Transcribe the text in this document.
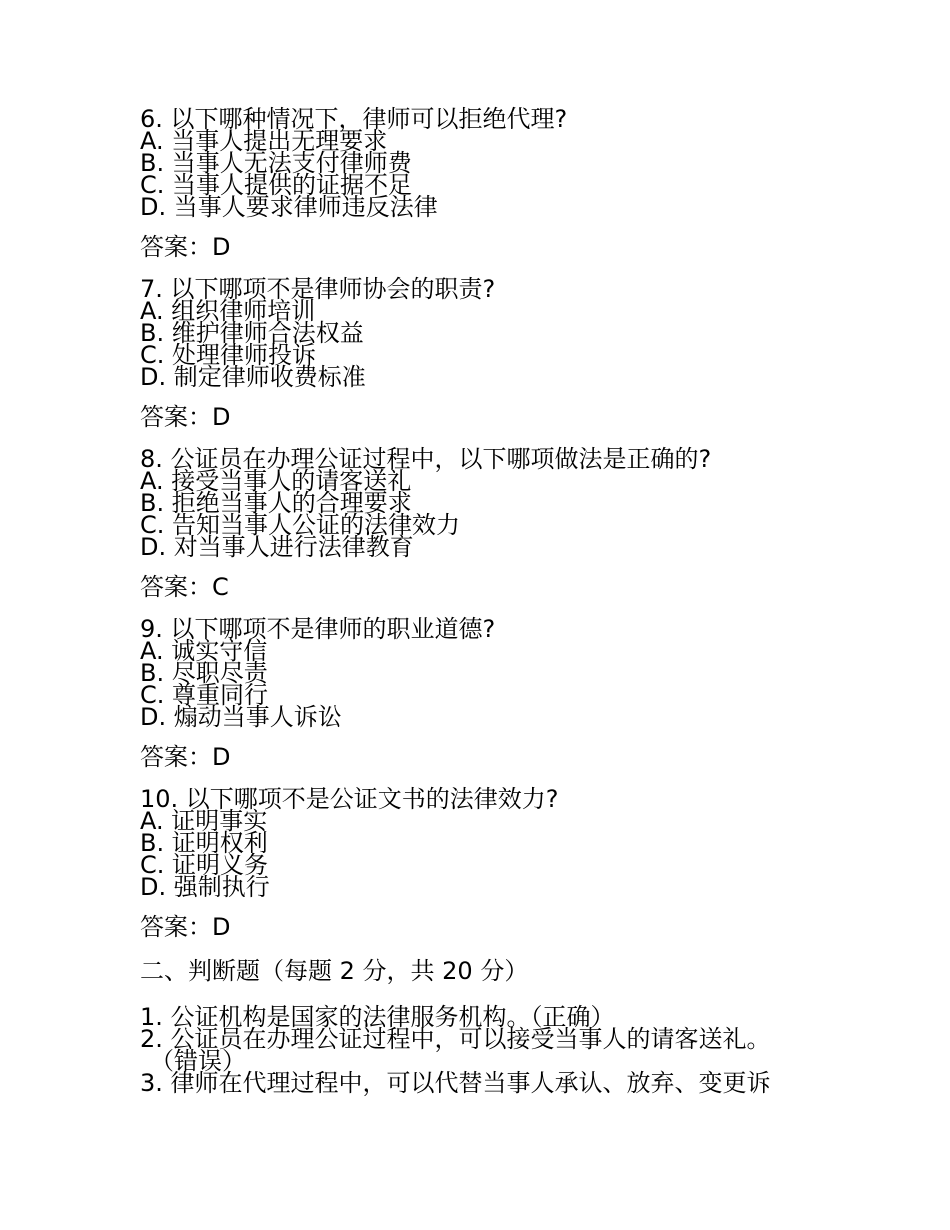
6. 以下哪种情况下，律师可以拒绝代理?
A. 当事人提出无理要求
B. 当事人无法支付律师费
C. 当事人提供的证据不足
D. 当事人要求律师违反法律
答案：D
7. 以下哪项不是律师协会的职责?
A. 组织律师培训
B. 维护律师合法权益
C. 处理律师投诉
D. 制定律师收费标准
答案：D
8. 公证员在办理公证过程中，以下哪项做法是正确的?
A. 接受当事人的请客送礼
B. 拒绝当事人的合理要求
C. 告知当事人公证的法律效力
D. 对当事人进行法律教育
答案：C
9. 以下哪项不是律师的职业道德?
A. 诚实守信
B. 尽职尽责
C. 尊重同行
D. 煽动当事人诉讼
答案：D
10. 以下哪项不是公证文书的法律效力?
A. 证明事实
B. 证明权利
C. 证明义务
D. 强制执行
答案：D
二、判断题（每题 2 分，共 20 分）
1. 公证机构是国家的法律服务机构。（正确）
2. 公证员在办理公证过程中，可以接受当事人的请客送礼。
（错误）
3. 律师在代理过程中，可以代替当事人承认、放弃、变更诉
